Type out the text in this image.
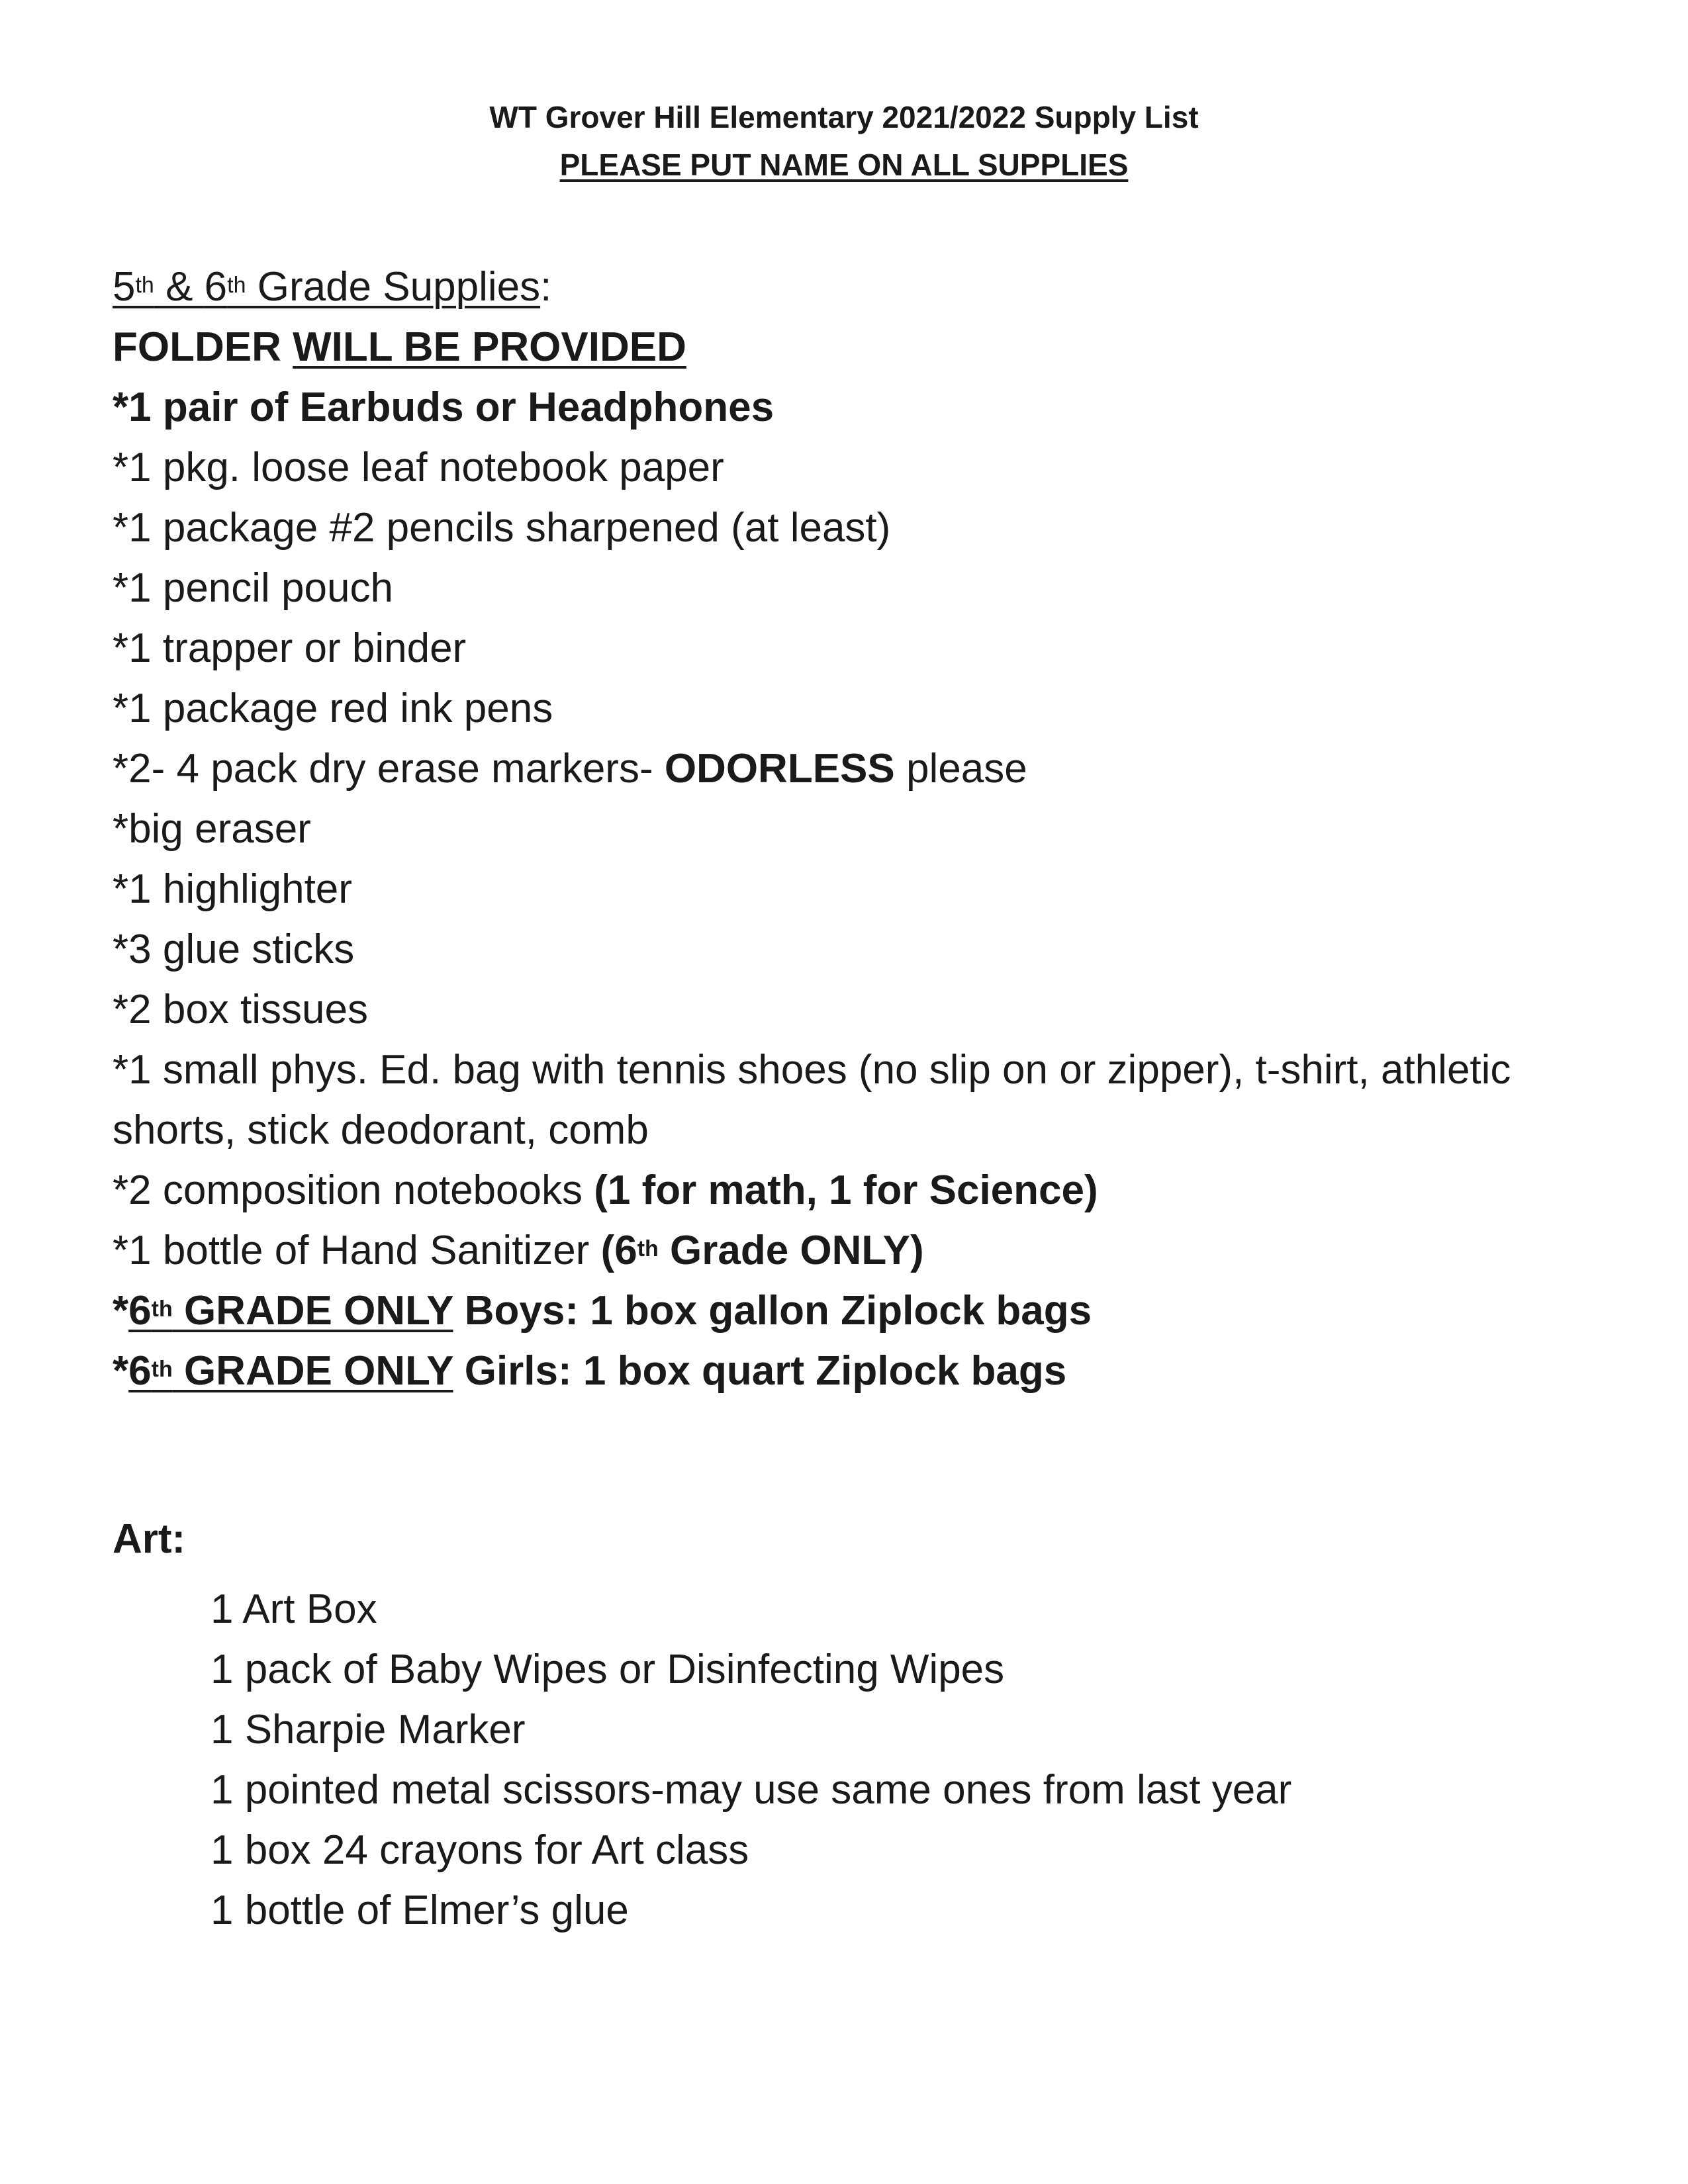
WT Grover Hill Elementary 2021/2022 Supply List
PLEASE PUT NAME ON ALL SUPPLIES
5th & 6th Grade Supplies:
FOLDER WILL BE PROVIDED
*1 pair of Earbuds or Headphones
*1 pkg. loose leaf notebook paper
*1 package #2 pencils sharpened (at least)
*1 pencil pouch
*1 trapper or binder
*1 package red ink pens
*2- 4 pack dry erase markers- ODORLESS please
*big eraser
*1 highlighter
*3 glue sticks
*2 box tissues
*1 small phys. Ed. bag with tennis shoes (no slip on or zipper), t-shirt, athletic shorts, stick deodorant, comb
*2 composition notebooks (1 for math, 1 for Science)
*1 bottle of Hand Sanitizer (6th Grade ONLY)
*6th GRADE ONLY Boys: 1 box gallon Ziplock bags
*6th GRADE ONLY Girls: 1 box quart Ziplock bags
Art:
1 Art Box
1 pack of Baby Wipes or Disinfecting Wipes
1 Sharpie Marker
1 pointed metal scissors-may use same ones from last year
1 box 24 crayons for Art class
1 bottle of Elmer’s glue
